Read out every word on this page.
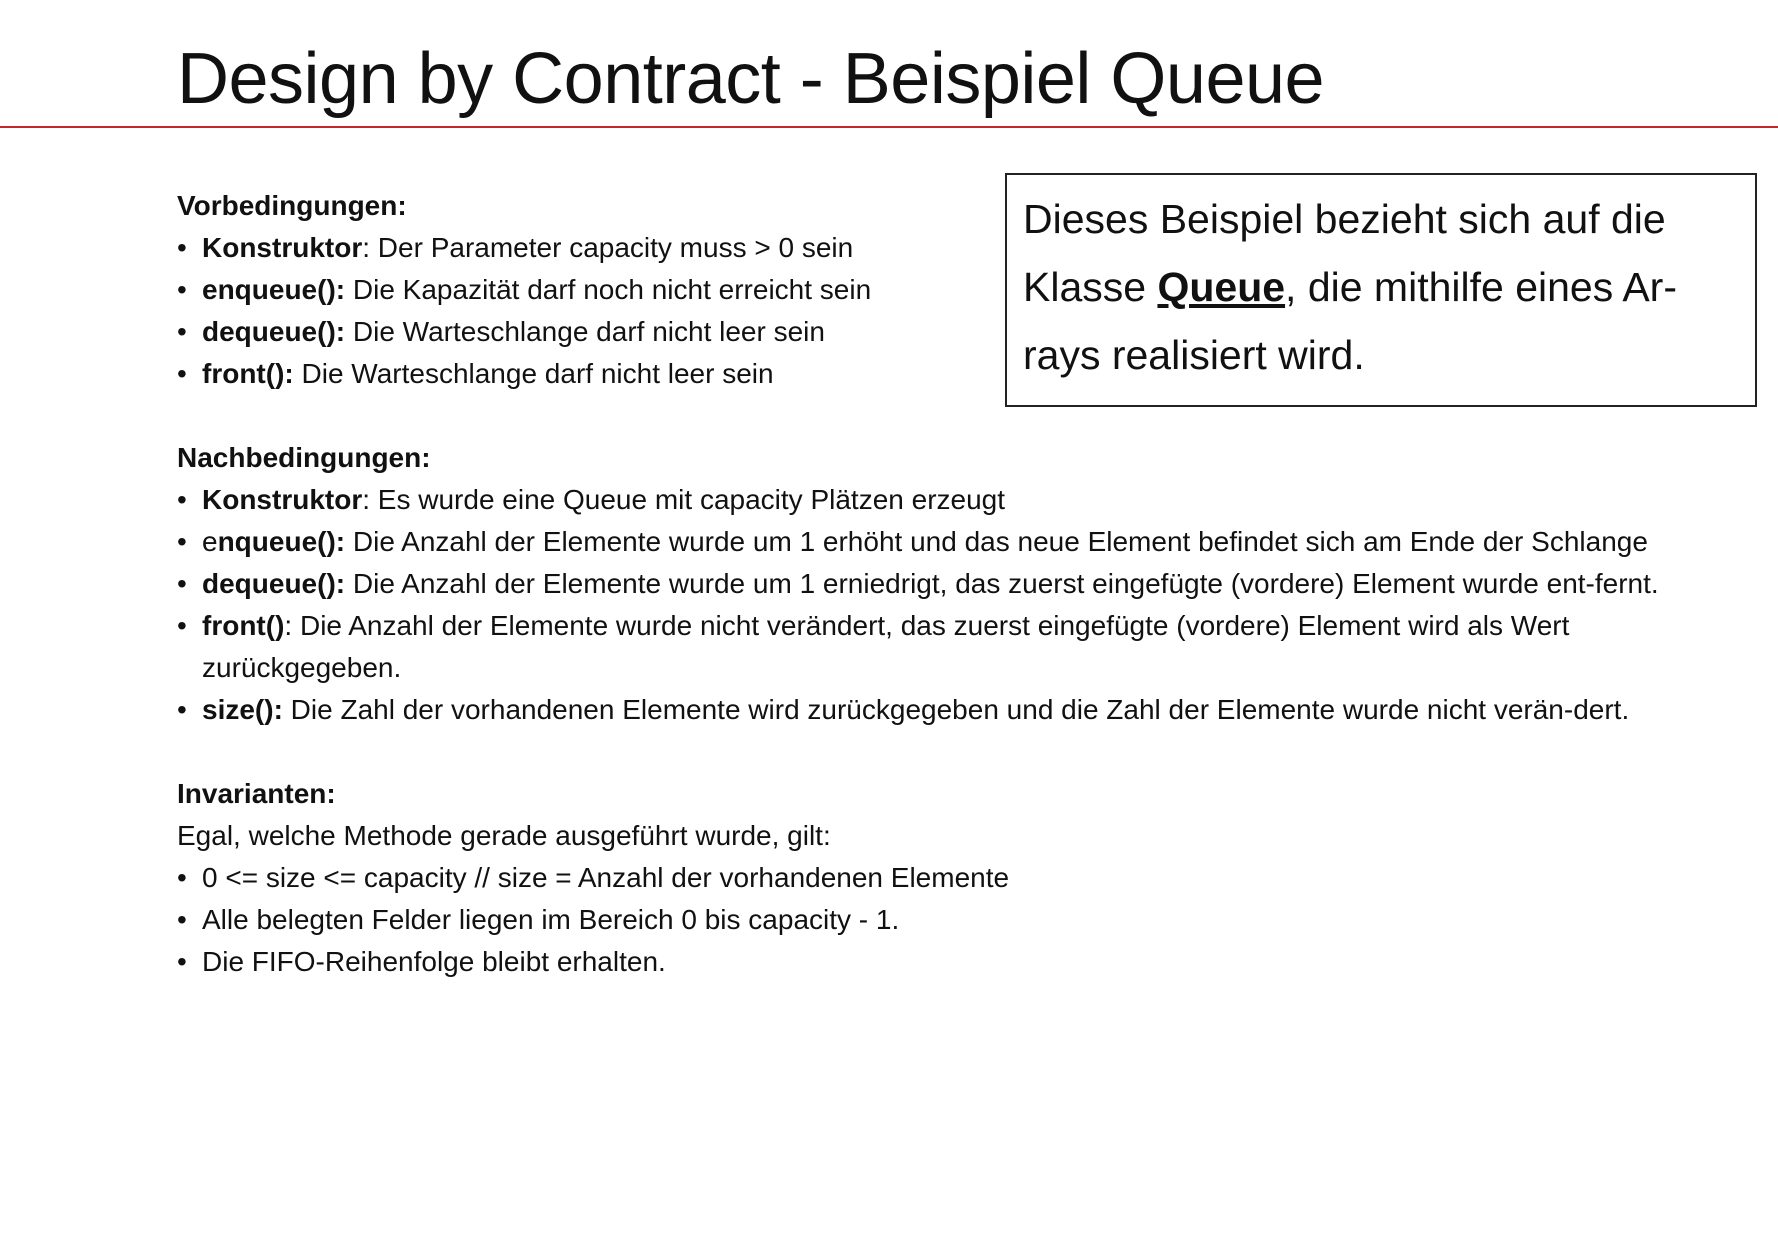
Design by Contract - Beispiel Queue
Dieses Beispiel bezieht sich auf die Klasse Queue, die mithilfe eines Ar-rays realisiert wird.

Vorbedingungen:

• Konstruktor: Der Parameter capacity muss > 0 sein
• enqueue(): Die Kapazität darf noch nicht erreicht sein
• dequeue(): Die Warteschlange darf nicht leer sein
• front(): Die Warteschlange darf nicht leer sein

Nachbedingungen:

• Konstruktor: Es wurde eine Queue mit capacity Plätzen erzeugt
• enqueue(): Die Anzahl der Elemente wurde um 1 erhöht und das neue Element befindet sich am Ende der Schlange
• dequeue(): Die Anzahl der Elemente wurde um 1 erniedrigt, das zuerst eingefügte (vordere) Element wurde ent-fernt.
• front(): Die Anzahl der Elemente wurde nicht verändert, das zuerst eingefügte (vordere) Element wird als Wert zurückgegeben.
• size(): Die Zahl der vorhandenen Elemente wird zurückgegeben und die Zahl der Elemente wurde nicht verän-dert.

Invarianten:

Egal, welche Methode gerade ausgeführt wurde, gilt:

• 0 <= size <= capacity // size = Anzahl der vorhandenen Elemente
• Alle belegten Felder liegen im Bereich 0 bis capacity - 1.
• Die FIFO-Reihenfolge bleibt erhalten.
